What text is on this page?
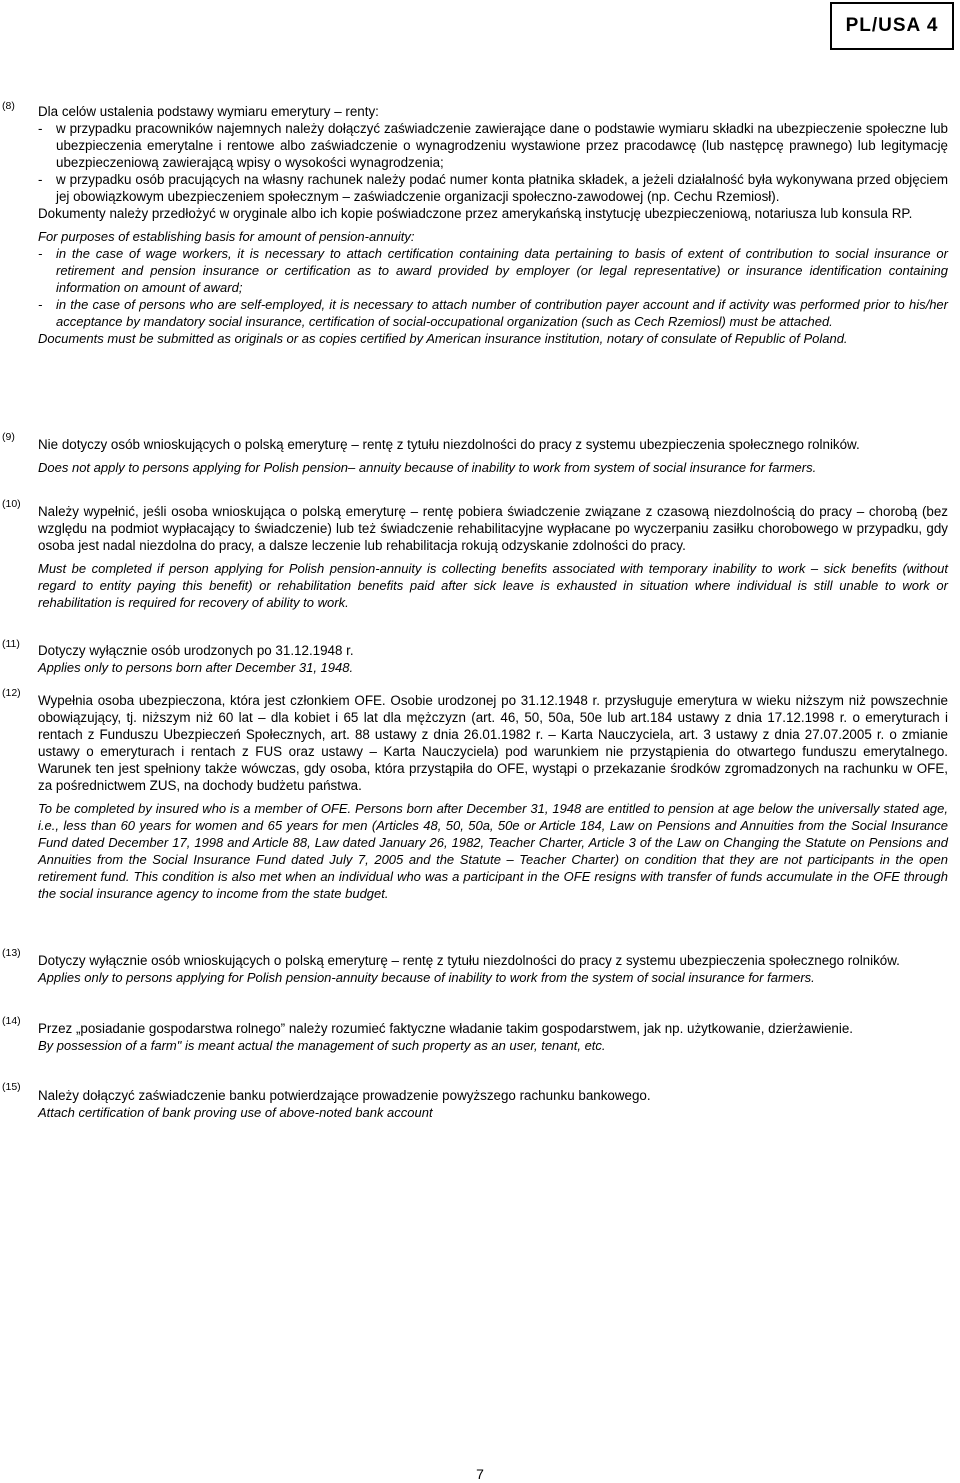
PL/USA 4
(8)
(9)
(10)
(11)
(12)
(13)
(14)
(15)

Dla celów ustalenia podstawy wymiaru emerytury – renty:

-	w przypadku pracowników najemnych należy dołączyć zaświadczenie zawierające dane o podstawie wymiaru składki na ubezpieczenie społeczne lub ubezpieczenia emerytalne i rentowe albo zaświadczenie o wynagrodzeniu wystawione przez pracodawcę (lub następcę prawnego) lub legitymację ubezpieczeniową zawierającą wpisy o wysokości wynagrodzenia;
-	w przypadku osób pracujących na własny rachunek należy podać numer konta płatnika składek, a jeżeli działalność była wykonywana przed objęciem jej obowiązkowym ubezpieczeniem społecznym – zaświadczenie organizacji społeczno-zawodowej (np. Cechu Rzemiosł).

Dokumenty należy przedłożyć w oryginale albo ich kopie poświadczone przez amerykańską instytucję ubezpieczeniową, notariusza lub konsula RP.

For purposes of establishing basis for amount of pension-annuity:

-	in the case of wage workers, it is necessary to attach certification containing data pertaining to basis of extent of contribution to social insurance or retirement and pension insurance or certification as to award provided by employer (or legal representative) or insurance identification containing information on amount of award;
-	in the case of persons who are self-employed, it is necessary to attach number of contribution payer account and if activity was performed prior to his/her acceptance by mandatory social insurance, certification of social-occupational organization (such as Cech Rzemiosl) must be attached.

Documents must be submitted as originals or as copies certified by American insurance institution, notary of consulate of Republic of Poland.

Nie dotyczy osób wnioskujących o polską emeryturę – rentę z tytułu niezdolności do pracy z systemu ubezpieczenia społecznego rolników.

Does not apply to persons applying for Polish pension– annuity because of inability to work from system of social insurance for farmers.

Należy wypełnić, jeśli osoba wnioskująca o polską emeryturę – rentę pobiera świadczenie związane z czasową niezdolnością do pracy – chorobą (bez względu na podmiot wypłacający to świadczenie) lub też świadczenie rehabilitacyjne wypłacane po wyczerpaniu zasiłku chorobowego w przypadku, gdy osoba jest nadal niezdolna do pracy, a dalsze leczenie lub rehabilitacja rokują odzyskanie zdolności do pracy.

Must be completed if person applying for Polish pension-annuity is collecting benefits associated with temporary inability to work – sick benefits (without regard to entity paying this benefit) or rehabilitation benefits paid after sick leave is exhausted in situation where individual is still unable to work or rehabilitation is required for recovery of ability to work.

Dotyczy wyłącznie osób urodzonych po 31.12.1948 r.

Applies only to persons born after December 31, 1948.

Wypełnia osoba ubezpieczona, która jest członkiem OFE. Osobie urodzonej po 31.12.1948 r. przysługuje emerytura w wieku niższym niż powszechnie obowiązujący, tj. niższym niż 60 lat – dla kobiet i 65 lat dla mężczyzn (art. 46, 50, 50a, 50e lub art.184 ustawy z dnia 17.12.1998 r. o emeryturach i rentach z Funduszu Ubezpieczeń Społecznych, art. 88 ustawy z dnia 26.01.1982 r. – Karta Nauczyciela, art. 3 ustawy z dnia 27.07.2005 r. o zmianie ustawy o emeryturach i rentach z FUS oraz ustawy – Karta Nauczyciela) pod warunkiem nie przystąpienia do otwartego funduszu emerytalnego. Warunek ten jest spełniony także wówczas, gdy osoba, która przystąpiła do OFE, wystąpi o przekazanie środków zgromadzonych na rachunku w OFE, za pośrednictwem ZUS, na dochody budżetu państwa.

To be completed by insured who is a member of OFE. Persons born after December 31, 1948 are entitled to pension at age below the universally stated age, i.e., less than 60 years for women and 65 years for men (Articles 48, 50, 50a, 50e or Article 184, Law on Pensions and Annuities from the Social Insurance Fund dated December 17, 1998 and Article 88, Law dated January 26, 1982, Teacher Charter, Article 3 of the Law on Changing the Statute on Pensions and Annuities from the Social Insurance Fund dated July 7, 2005 and the Statute – Teacher Charter) on condition that they are not participants in the open retirement fund. This condition is also met when an individual who was a participant in the OFE resigns with transfer of funds accumulate in the OFE through the social insurance agency to income from the state budget.

Dotyczy wyłącznie osób wnioskujących o polską emeryturę – rentę z tytułu niezdolności do pracy z systemu ubezpieczenia społecznego rolników.

Applies only to persons applying for Polish pension-annuity because of inability to work from the system of social insurance for farmers.

Przez „posiadanie gospodarstwa rolnego” należy rozumieć faktyczne władanie takim gospodarstwem, jak np. użytkowanie, dzierżawienie.

By possession of a farm" is meant actual the management of such property as an user, tenant, etc.

Należy dołączyć zaświadczenie banku potwierdzające prowadzenie powyższego rachunku bankowego.

Attach certification of bank proving use of above-noted bank account

7
